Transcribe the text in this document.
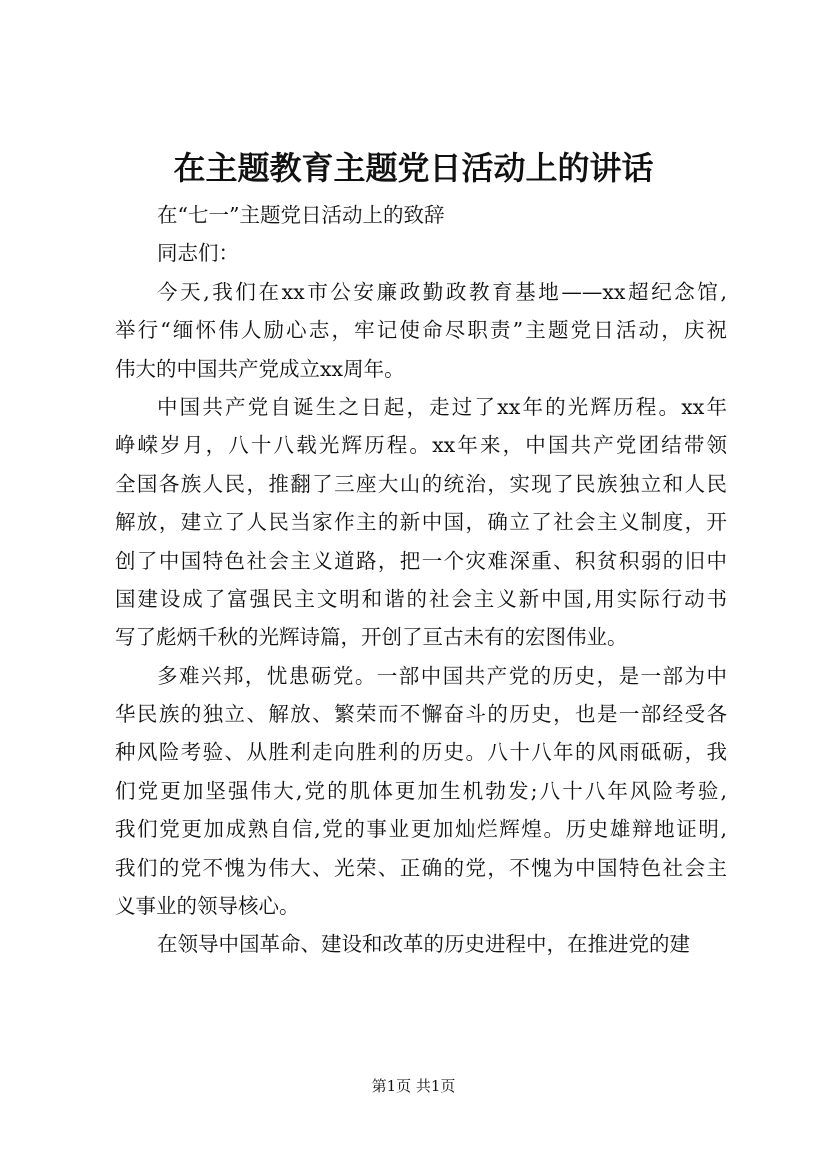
在主题教育主题党日活动上的讲话
在“七一”主题党日活动上的致辞
同志们：
今天,我们在xx市公安廉政勤政教育基地——xx超纪念馆,
举行“缅怀伟人励心志，牢记使命尽职责”主题党日活动，庆祝
伟大的中国共产党成立xx周年。
中国共产党自诞生之日起，走过了xx年的光辉历程。xx年
峥嵘岁月，八十八载光辉历程。xx年来，中国共产党团结带领
全国各族人民，推翻了三座大山的统治，实现了民族独立和人民
解放，建立了人民当家作主的新中国，确立了社会主义制度，开
创了中国特色社会主义道路，把一个灾难深重、积贫积弱的旧中
国建设成了富强民主文明和谐的社会主义新中国,用实际行动书
写了彪炳千秋的光辉诗篇，开创了亘古未有的宏图伟业。
多难兴邦，忧患砺党。一部中国共产党的历史，是一部为中
华民族的独立、解放、繁荣而不懈奋斗的历史，也是一部经受各
种风险考验、从胜利走向胜利的历史。八十八年的风雨砥砺，我
们党更加坚强伟大,党的肌体更加生机勃发;八十八年风险考验,
我们党更加成熟自信,党的事业更加灿烂辉煌。历史雄辩地证明,
我们的党不愧为伟大、光荣、正确的党，不愧为中国特色社会主
义事业的领导核心。
在领导中国革命、建设和改革的历史进程中，在推进党的建
第1页 共1页
